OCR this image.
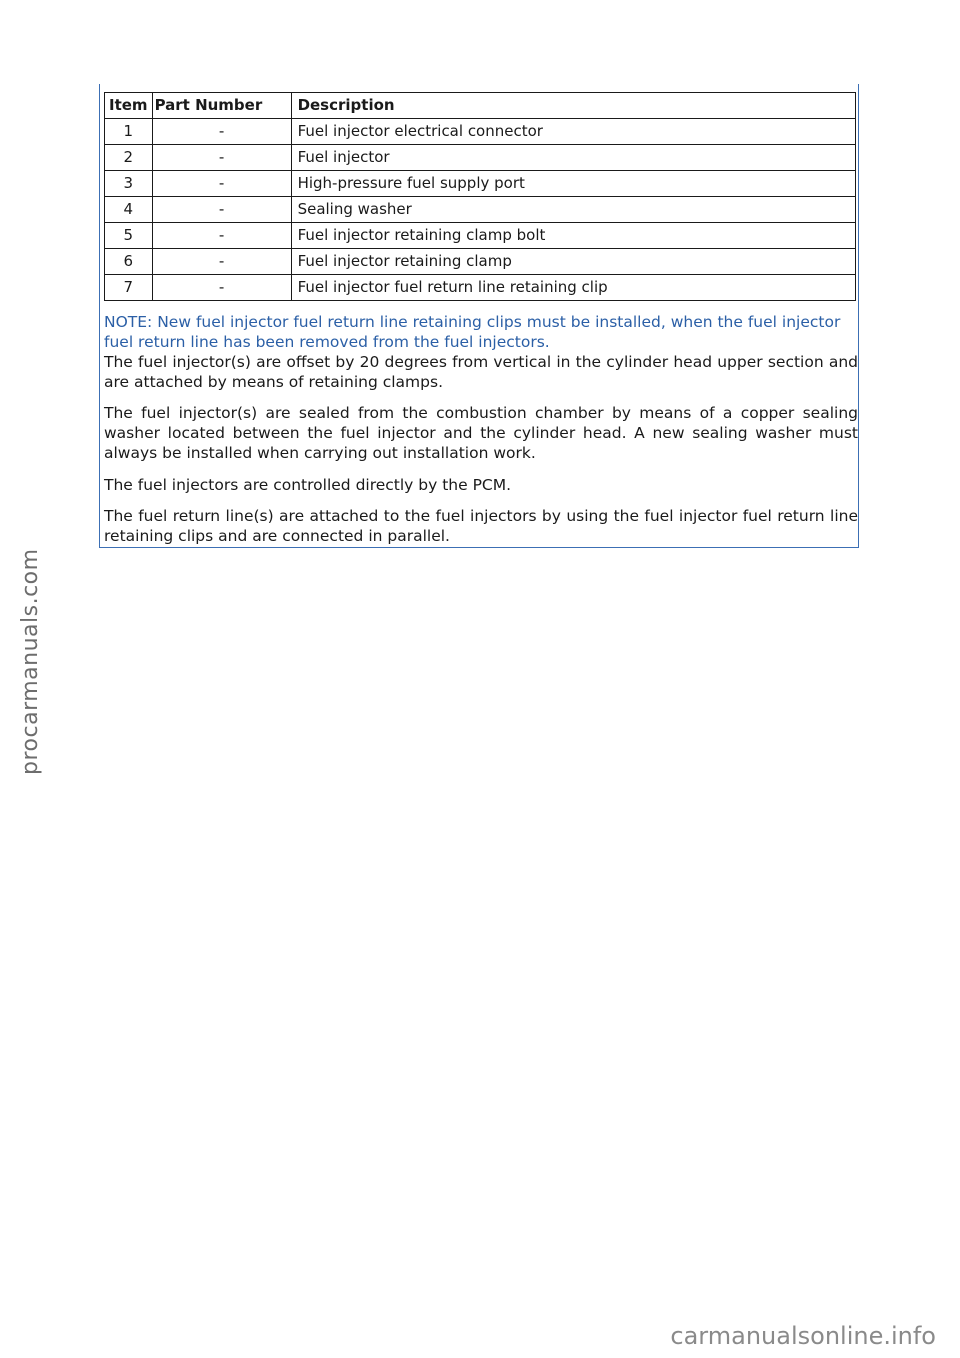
Item	Part Number	Description
1	-	Fuel injector electrical connector
2	-	Fuel injector
3	-	High-pressure fuel supply port
4	-	Sealing washer
5	-	Fuel injector retaining clamp bolt
6	-	Fuel injector retaining clamp
7	-	Fuel injector fuel return line retaining clip

NOTE: New fuel injector fuel return line retaining clips must be installed, when the fuel injector fuel return line has been removed from the fuel injectors.

The fuel injector(s) are offset by 20 degrees from vertical in the cylinder head upper section and are attached by means of retaining clamps.

The fuel injector(s) are sealed from the combustion chamber by means of a copper sealing washer located between the fuel injector and the cylinder head. A new sealing washer must always be installed when carrying out installation work.

The fuel injectors are controlled directly by the PCM.

The fuel return line(s) are attached to the fuel injectors by using the fuel injector fuel return line retaining clips and are connected in parallel.

procarmanuals.com
carmanualsonline.info
